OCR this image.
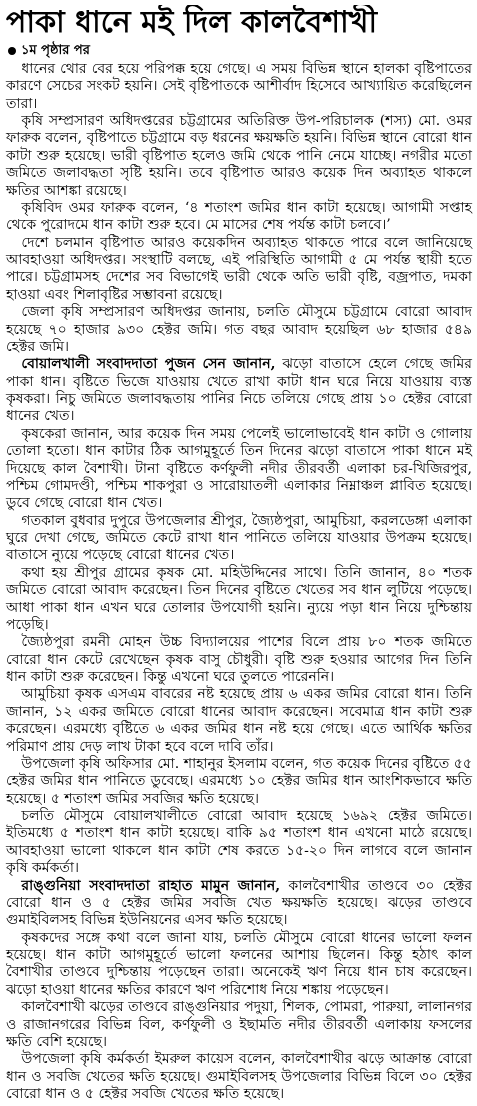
পাকা ধানে মই দিল কালবৈশাখী
১ম পৃষ্ঠার পর

ধানের থোর বের হয়ে পরিপক্ক হয়ে গেছে। এ সময় বিভিন্ন স্থানে হালকা বৃষ্টিপাতের কারণে সেচের সংকট হয়নি। সেই বৃষ্টিপাতকে আশীর্বাদ হিসেবে আখ্যায়িত করেছিলেন তারা।

কৃষি সম্প্রসারণ অধিদপ্তরের চট্টগ্রামের অতিরিক্ত উপ-পরিচালক (শস্য) মো. ওমর ফারুক বলেন, বৃষ্টিপাতে চট্টগ্রামে বড় ধরনের ক্ষয়ক্ষতি হয়নি। বিভিন্ন স্থানে বোরো ধান কাটা শুরু হয়েছে। ভারী বৃষ্টিপাত হলেও জমি থেকে পানি নেমে যাচ্ছে। নগরীর মতো জমিতে জলাবদ্ধতা সৃষ্টি হয়নি। তবে বৃষ্টিপাত আরও কয়েক দিন অব্যাহত থাকলে ক্ষতির আশঙ্কা রয়েছে।

কৃষিবিদ ওমর ফারুক বলেন, ‘৪ শতাংশ জমির ধান কাটা হয়েছে। আগামী সপ্তাহ থেকে পুরোদমে ধান কাটা শুরু হবে। মে মাসের শেষ পর্যন্ত কাটা চলবে।’

দেশে চলমান বৃষ্টিপাত আরও কয়েকদিন অব্যাহত থাকতে পারে বলে জানিয়েছে আবহাওয়া অধিদপ্তর। সংস্থাটি বলছে, এই পরিস্থিতি আগামী ৫ মে পর্যন্ত স্থায়ী হতে পারে। চট্টগ্রামসহ দেশের সব বিভাগেই ভারী থেকে অতি ভারী বৃষ্টি, বজ্রপাত, দমকা হাওয়া এবং শিলাবৃষ্টির সম্ভাবনা রয়েছে।

জেলা কৃষি সম্প্রসারণ অধিদপ্তর জানায়, চলতি মৌসুমে চট্টগ্রামে বোরো আবাদ হয়েছে ৭০ হাজার ৯৩০ হেক্টর জমি। গত বছর আবাদ হয়েছিল ৬৮ হাজার ৫৪৯ হেক্টর জমি।

বোয়ালখালী সংবাদদাতা পুজন সেন জানান, ঝড়ো বাতাসে হেলে গেছে জমির পাকা ধান। বৃষ্টিতে ভিজে যাওয়ায় খেতে রাখা কাটা ধান ঘরে নিয়ে যাওয়ায় ব্যস্ত কৃষকরা। নিচু জমিতে জলাবদ্ধতায় পানির নিচে তলিয়ে গেছে প্রায় ১০ হেক্টর বোরো ধানের খেত।

কৃষকেরা জানান, আর কয়েক দিন সময় পেলেই ভালোভাবেই ধান কাটা ও গোলায় তোলা হতো। ধান কাটার ঠিক আগমুহূর্তে তিন দিনের ঝড়ো বাতাসে পাকা ধানে মই দিয়েছে কাল বৈশাখী। টানা বৃষ্টিতে কর্ণফুলী নদীর তীরবর্তী এলাকা চর-খিজিরপুর, পশ্চিম গোমদণ্ডী, পশ্চিম শাকপুরা ও সারোয়াতলী এলাকার নিম্নাঞ্চল প্লাবিত হয়েছে। ডুবে গেছে বোরো ধান খেত।

গতকাল বুধবার দুপুরে উপজেলার শ্রীপুর, জ্যৈষ্ঠপুরা, আমুচিয়া, করলডেঙ্গা এলাকা ঘুরে দেখা গেছে, জমিতে কেটে রাখা ধান পানিতে তলিয়ে যাওয়ার উপক্রম হয়েছে। বাতাসে ন্যুয়ে পড়েছে বোরো ধানের খেত।

কথা হয় শ্রীপুর গ্রামের কৃষক মো. মহিউদ্দিনের সাথে। তিনি জানান, ৪০ শতক জমিতে বোরো আবাদ করেছেন। তিন দিনের বৃষ্টিতে খেতের সব ধান লুটিয়ে পড়েছে। আধা পাকা ধান এখন ঘরে তোলার উপযোগী হয়নি। ন্যুয়ে পড়া ধান নিয়ে দুশ্চিন্তায় পড়েছি।

জ্যৈষ্ঠপুরা রমনী মোহন উচ্চ বিদ্যালয়ের পাশের বিলে প্রায় ৮০ শতক জমিতে বোরো ধান কেটে রেখেছেন কৃষক বাসু চৌধুরী। বৃষ্টি শুরু হওয়ার আগের দিন তিনি ধান কাটা শুরু করেছেন। কিন্তু এখনো ঘরে তুলতে পারেননি।

আমুচিয়া কৃষক এসএম বাবরের নষ্ট হয়েছে প্রায় ৬ একর জমির বোরো ধান। তিনি জানান, ১২ একর জমিতে বোরো ধানের আবাদ করেছেন। সবেমাত্র ধান কাটা শুরু করেছেন। এরমধ্যে বৃষ্টিতে ৬ একর জমির ধান নষ্ট হয়ে গেছে। এতে আর্থিক ক্ষতির পরিমাণ প্রায় দেড় লাখ টাকা হবে বলে দাবি তাঁর।

উপজেলা কৃষি অফিসার মো. শাহানুর ইসলাম বলেন, গত কয়েক দিনের বৃষ্টিতে ৫৫ হেক্টর জমির ধান পানিতে ডুবেছে। এরমধ্যে ১০ হেক্টর জমির ধান আংশিকভাবে ক্ষতি হয়েছে। ৫ শতাংশ জমির সবজির ক্ষতি হয়েছে।

চলতি মৌসুমে বোয়ালখালীতে বোরো আবাদ হয়েছে ১৬৯২ হেক্টর জমিতে। ইতিমধ্যে ৫ শতাংশ ধান কাটা হয়েছে। বাকি ৯৫ শতাংশ ধান এখনো মাঠে রয়েছে। আবহাওয়া ভালো থাকলে ধান কাটা শেষ করতে ১৫-২০ দিন লাগবে বলে জানান কৃষি কর্মকর্তা।

রাঙ্গুনিয়া সংবাদদাতা রাহাত মামুন জানান, কালবৈশাখীর তাণ্ডবে ৩০ হেক্টর বোরো ধান ও ৫ হেক্টর জমির সবজি খেত ক্ষয়ক্ষতি হয়েছে। ঝড়ের তাণ্ডবে গুমাইবিলসহ বিভিন্ন ইউনিয়নের এসব ক্ষতি হয়েছে।

কৃষকদের সঙ্গে কথা বলে জানা যায়, চলতি মৌসুমে বোরো ধানের ভালো ফলন হয়েছে। ধান কাটা আগমুহূর্তে ভালো ফলনের আশায় ছিলেন। কিন্তু হঠাৎ কাল বৈশাখীর তাণ্ডবে দুশ্চিন্তায় পড়েছেন তারা। অনেকেই ঋণ নিয়ে ধান চাষ করেছেন। ঝড়ো হাওয়া ধানের ক্ষতির কারণে ঋণ পরিশোধ নিয়ে শঙ্কায় পড়েছেন।

কালবৈশাখী ঝড়ের তাণ্ডবে রাঙ্গুনিয়ার পদুয়া, শিলক, পোমরা, পারুয়া, লালানগর ও রাজানগরের বিভিন্ন বিল, কর্ণফুলী ও ইছামতি নদীর তীরবর্তী এলাকায় ফসলের ক্ষতি বেশি হয়েছে।

উপজেলা কৃষি কর্মকর্তা ইমরুল কায়েস বলেন, কালবৈশাখীর ঝড়ে আক্রান্ত বোরো ধান ও সবজি খেতের ক্ষতি হয়েছে। গুমাইবিলসহ উপজেলার বিভিন্ন বিলে ৩০ হেক্টর বোরো ধান ও ৫ হেক্টর সবজি খেতের ক্ষতি হয়েছে।
